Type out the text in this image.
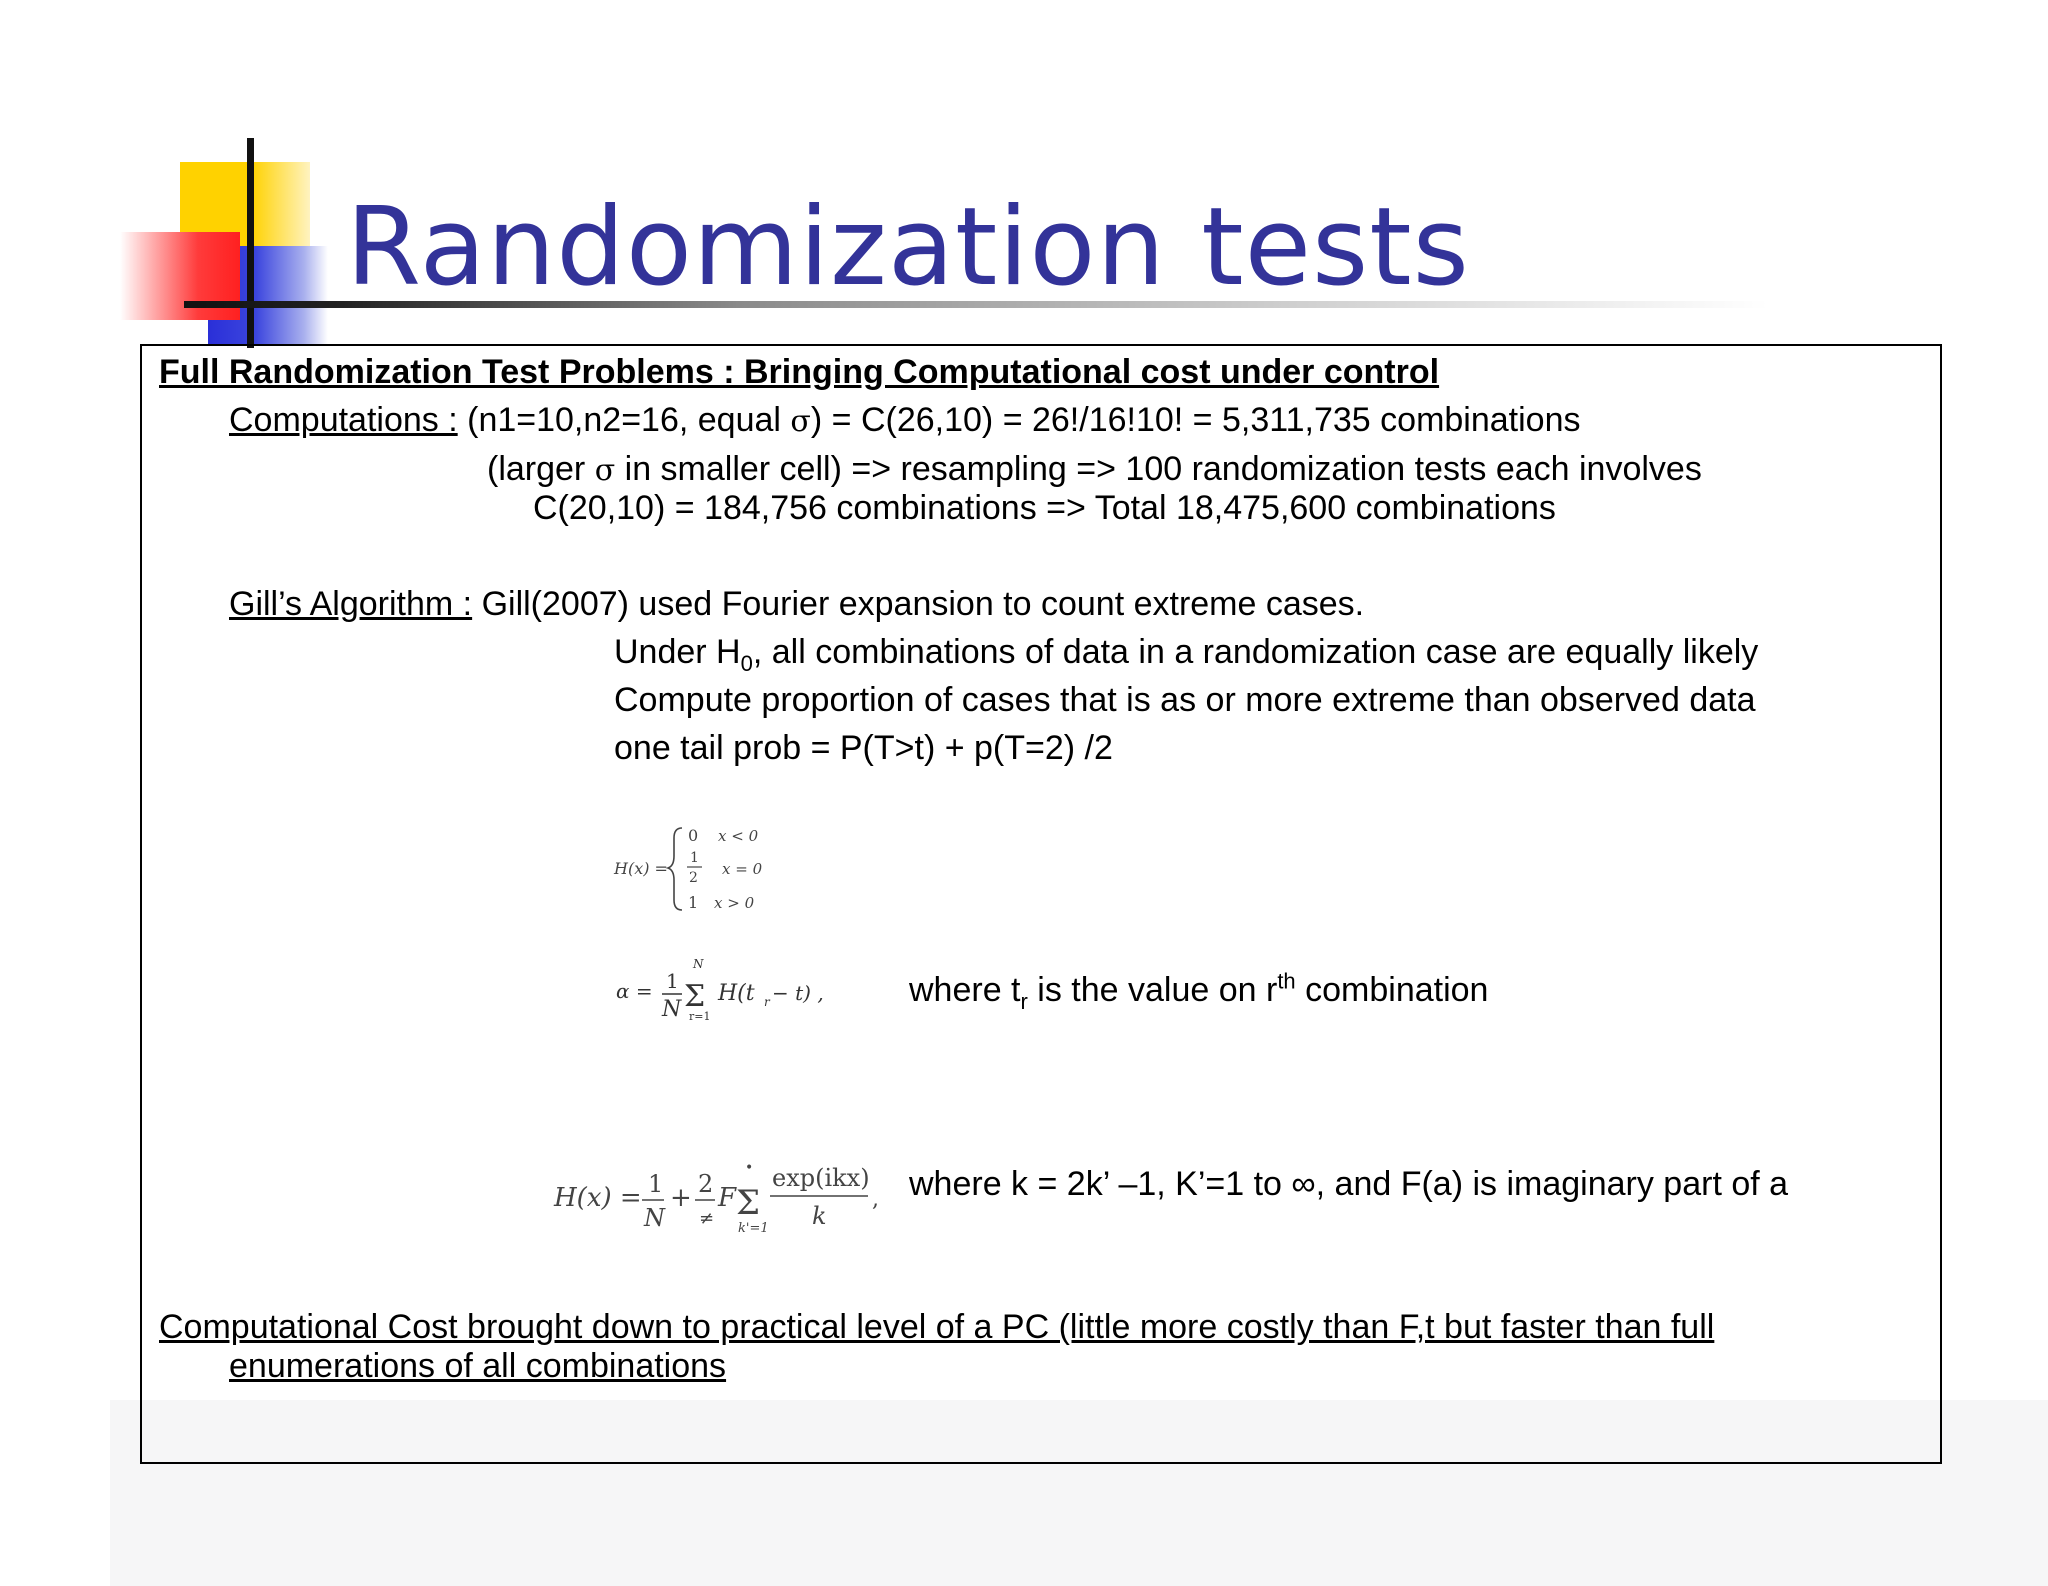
Randomization tests
Full Randomization Test Problems : Bringing Computational cost under control
Computations : (n1=10,n2=16, equal σ) = C(26,10) = 26!/16!10! = 5,311,735 combinations
(larger σ in smaller cell) => resampling => 100 randomization tests each involves
C(20,10) = 184,756 combinations => Total 18,475,600 combinations
Gill’s Algorithm : Gill(2007) used Fourier expansion to count extreme cases.
Under $H_0$, all combinations of data in a randomization case are equally likely
Compute proportion of cases that is as or more extreme than observed data
one tail prob = P(T>t) + p(T=2) /2
H(x) =
0 x < 0
1
2 x = 0
1 x > 0
α = 1
N
N
Σ
r=1
H(t r − t) ,	where $t_r$ is the value on $r^{th}$ combination
H(x) = 1
N
+ 2
≠
F
•
Σ
k'=1
exp(ikx)
k
, where k = 2k’ –1, K’=1 to ∞, and F(a) is imaginary part of a
Computational Cost brought down to practical level of a PC (little more costly than F,t but faster than full
enumerations of all combinations
